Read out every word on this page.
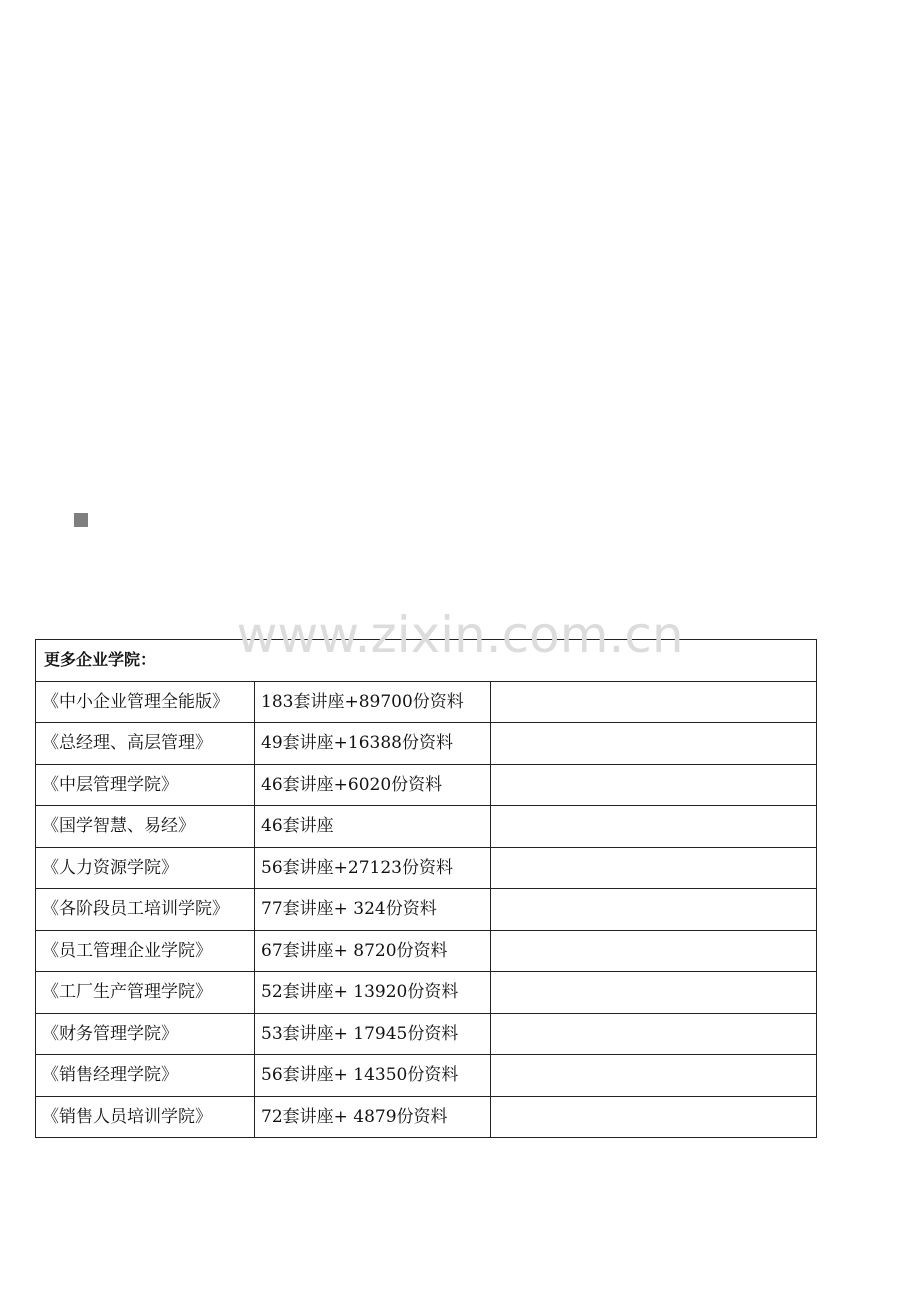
www.zixin.com.cn
更多企业学院：		
《中小企业管理全能版》	183套讲座+89700份资料	
《总经理、高层管理》	49套讲座+16388份资料	
《中层管理学院》	46套讲座+6020份资料	
《国学智慧、易经》	46套讲座	
《人力资源学院》	56套讲座+27123份资料	
《各阶段员工培训学院》	77套讲座+ 324份资料	
《员工管理企业学院》	67套讲座+ 8720份资料	
《工厂生产管理学院》	52套讲座+ 13920份资料	
《财务管理学院》	53套讲座+ 17945份资料	
《销售经理学院》	56套讲座+ 14350份资料	
《销售人员培训学院》	72套讲座+ 4879份资料	
